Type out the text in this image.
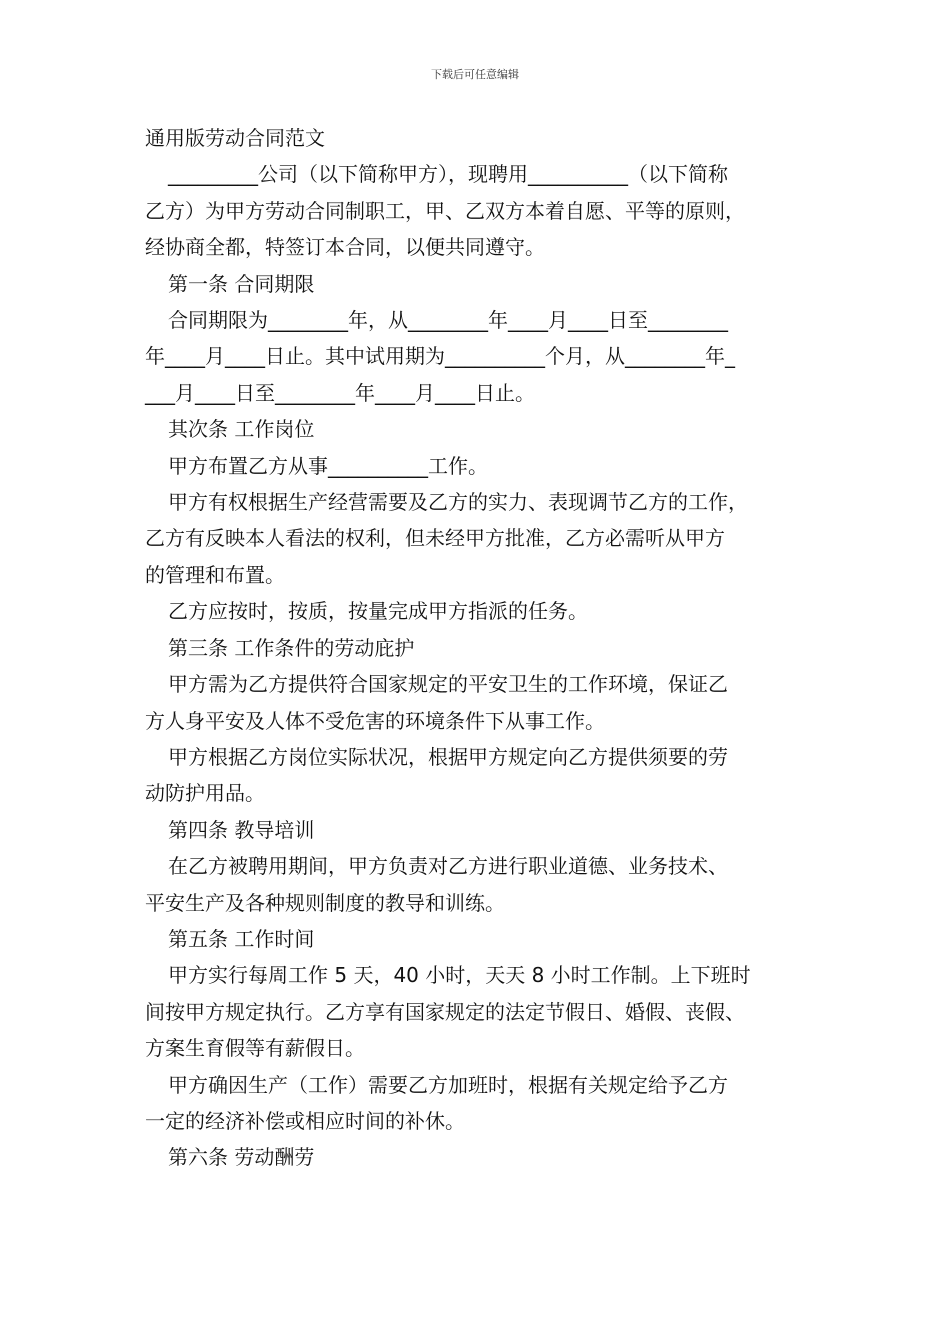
下载后可任意编辑

通用版劳动合同范文

_________公司（以下简称甲方），现聘用__________（以下简称

乙方）为甲方劳动合同制职工，甲、乙双方本着自愿、平等的原则，

经协商全都，特签订本合同，以便共同遵守。

第一条 合同期限

合同期限为________年，从________年____月____日至________

年____月____日止。其中试用期为__________个月，从________年_

___月____日至________年____月____日止。

其次条 工作岗位

甲方布置乙方从事__________工作。

甲方有权根据生产经营需要及乙方的实力、表现调节乙方的工作，

乙方有反映本人看法的权利，但未经甲方批准，乙方必需听从甲方

的管理和布置。

乙方应按时，按质，按量完成甲方指派的任务。

第三条 工作条件的劳动庇护

甲方需为乙方提供符合国家规定的平安卫生的工作环境，保证乙

方人身平安及人体不受危害的环境条件下从事工作。

甲方根据乙方岗位实际状况，根据甲方规定向乙方提供须要的劳

动防护用品。

第四条 教导培训

在乙方被聘用期间，甲方负责对乙方进行职业道德、业务技术、

平安生产及各种规则制度的教导和训练。

第五条 工作时间

甲方实行每周工作 5 天，40 小时，天天 8 小时工作制。上下班时

间按甲方规定执行。乙方享有国家规定的法定节假日、婚假、丧假、

方案生育假等有薪假日。

甲方确因生产（工作）需要乙方加班时，根据有关规定给予乙方

一定的经济补偿或相应时间的补休。

第六条 劳动酬劳
